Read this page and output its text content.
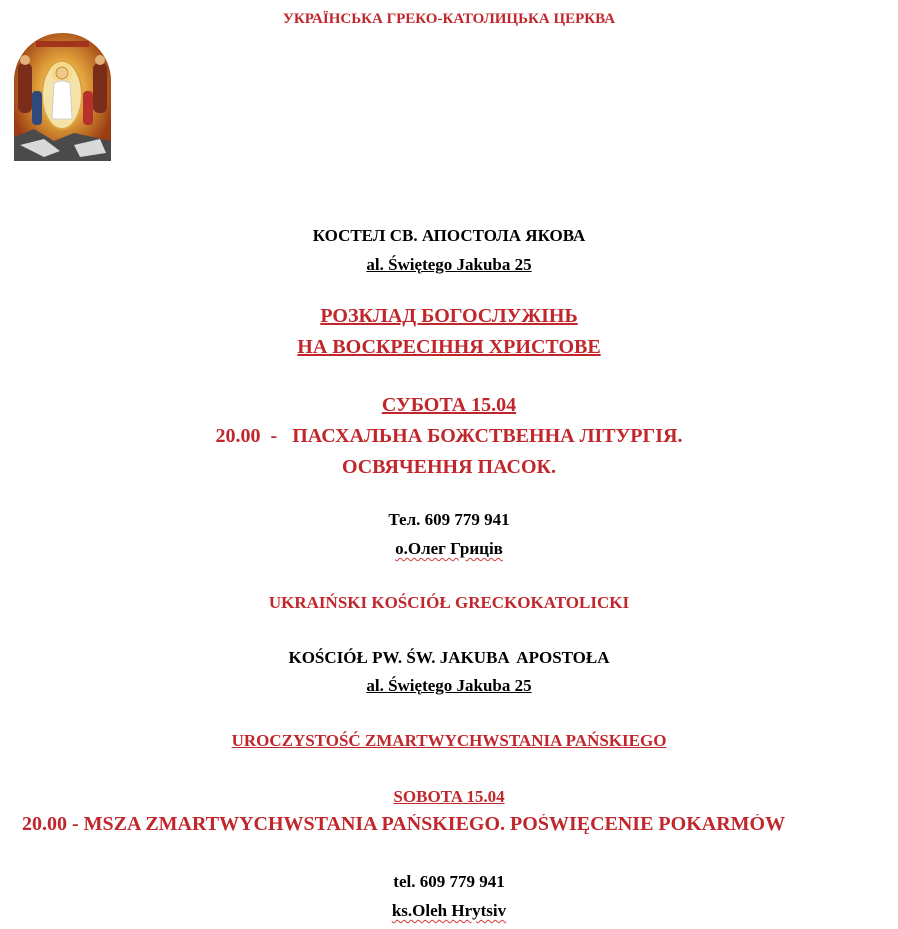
УКРАЇНСЬКА ГРЕКО-КАТОЛИЦЬКА ЦЕРКВА
КОСТЕЛ СВ. АПОСТОЛА ЯКОВА
al. Świętego Jakuba 25
РОЗКЛАД БОГОСЛУЖІНЬ
НА ВОСКРЕСІННЯ ХРИСТОВЕ
СУБОТА 15.04
20.00  -   ПАСХАЛЬНА БОЖСТВЕННА ЛІТУРГІЯ.
ОСВЯЧЕННЯ ПАСОК.
Тел. 609 779 941
о.Олег Гриців
UKRAIŃSKI KOŚCIÓŁ GRECKOKATOLICKI
KOŚCIÓŁ PW. ŚW. JAKUBA  APOSTOŁA
al. Świętego Jakuba 25
UROCZYSTOŚĆ ZMARTWYCHWSTANIA PAŃSKIEGO
SOBOTA 15.04
20.00 - MSZA ZMARTWYCHWSTANIA PAŃSKIEGO. POŚWIĘCENIE POKARMÓW
tel. 609 779 941
ks.Oleh Hrytsiv
